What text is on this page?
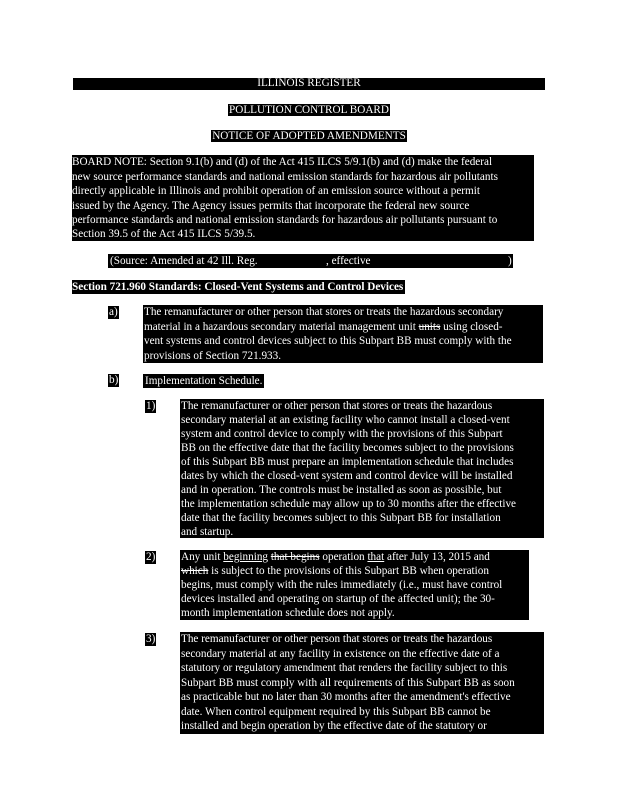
ILLINOIS REGISTER
POLLUTION CONTROL BOARD
NOTICE OF ADOPTED AMENDMENTS
BOARD NOTE: Section 9.1(b) and (d) of the Act 415 ILCS 5/9.1(b) and (d) make the federal
new source performance standards and national emission standards for hazardous air pollutants
directly applicable in Illinois and prohibit operation of an emission source without a permit
issued by the Agency. The Agency issues permits that incorporate the federal new source
performance standards and national emission standards for hazardous air pollutants pursuant to
Section 39.5 of the Act 415 ILCS 5/39.5.
(Source: Amended at 42 Ill. Reg.	, effective	)
Section 721.960 Standards: Closed-Vent Systems and Control Devices
a) The remanufacturer or other person that stores or treats the hazardous secondary
material in a hazardous secondary material management unit units using closed-
vent systems and control devices subject to this Subpart BB must comply with the
provisions of Section 721.933.
b) Implementation Schedule.
1) The remanufacturer or other person that stores or treats the hazardous
secondary material at an existing facility who cannot install a closed-vent
system and control device to comply with the provisions of this Subpart
BB on the effective date that the facility becomes subject to the provisions
of this Subpart BB must prepare an implementation schedule that includes
dates by which the closed-vent system and control device will be installed
and in operation. The controls must be installed as soon as possible, but
the implementation schedule may allow up to 30 months after the effective
date that the facility becomes subject to this Subpart BB for installation
and startup.
2) Any unit beginning that begins operation that after July 13, 2015 and
which is subject to the provisions of this Subpart BB when operation
begins, must comply with the rules immediately (i.e., must have control
devices installed and operating on startup of the affected unit); the 30-
month implementation schedule does not apply.
3) The remanufacturer or other person that stores or treats the hazardous
secondary material at any facility in existence on the effective date of a
statutory or regulatory amendment that renders the facility subject to this
Subpart BB must comply with all requirements of this Subpart BB as soon
as practicable but no later than 30 months after the amendment's effective
date. When control equipment required by this Subpart BB cannot be
installed and begin operation by the effective date of the statutory or
